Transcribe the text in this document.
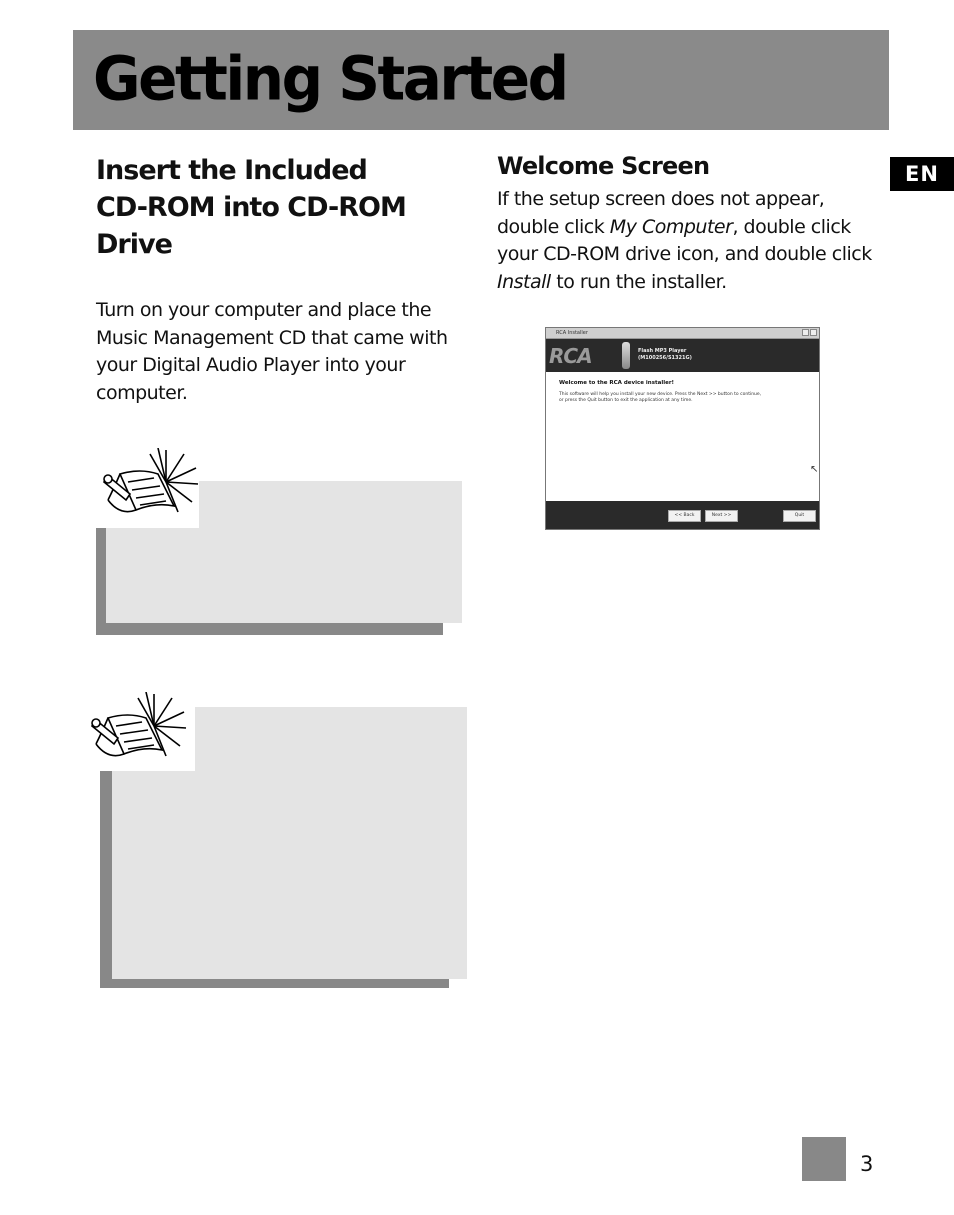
Getting Started
EN
Insert the Included CD-ROM into CD-ROM Drive

Turn on your computer and place the Music Management CD that came with your Digital Audio Player into your computer.

Welcome Screen

If the setup screen does not appear, double click My Computer, double click your CD-ROM drive icon, and double click Install to run the installer.

RCA Installer
RCA	Flash MP3 Player
(M100256/S1321G)
Welcome to the RCA device installer!
This software will help you install your new device. Press the Next >> button to continue,
or press the Quit button to exit the application at any time.
↖
<< Back	Next >>	Quit
3
